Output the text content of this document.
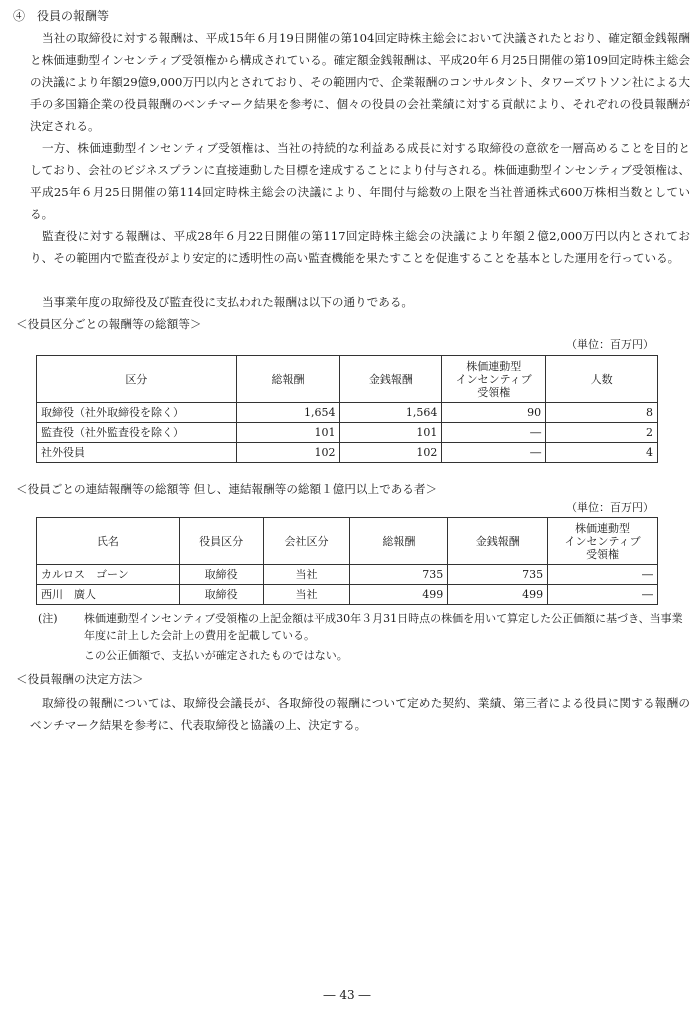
④　役員の報酬等
当社の取締役に対する報酬は、平成15年６月19日開催の第104回定時株主総会において決議されたとおり、確定額金銭報酬と株価連動型インセンティブ受領権から構成されている。確定額金銭報酬は、平成20年６月25日開催の第109回定時株主総会の決議により年額29億9,000万円以内とされており、その範囲内で、企業報酬のコンサルタント、タワーズワトソン社による大手の多国籍企業の役員報酬のベンチマーク結果を参考に、個々の役員の会社業績に対する貢献により、それぞれの役員報酬が決定される。
一方、株価連動型インセンティブ受領権は、当社の持続的な利益ある成長に対する取締役の意欲を一層高めることを目的としており、会社のビジネスプランに直接連動した目標を達成することにより付与される。株価連動型インセンティブ受領権は、平成25年６月25日開催の第114回定時株主総会の決議により、年間付与総数の上限を当社普通株式600万株相当数としている。
監査役に対する報酬は、平成28年６月22日開催の第117回定時株主総会の決議により年額２億2,000万円以内とされており、その範囲内で監査役がより安定的に透明性の高い監査機能を果たすことを促進することを基本とした運用を行っている。
当事業年度の取締役及び監査役に支払われた報酬は以下の通りである。
＜役員区分ごとの報酬等の総額等＞
（単位：百万円）
区分	総報酬	金銭報酬	株価連動型
インセンティブ
受領権	人数
取締役（社外取締役を除く）	1,654	1,564	90	8
監査役（社外監査役を除く）	101	101	―	2
社外役員	102	102	―	4
＜役員ごとの連結報酬等の総額等 但し、連結報酬等の総額１億円以上である者＞
（単位：百万円）
氏名	役員区分	会社区分	総報酬	金銭報酬	株価連動型
インセンティブ
受領権
カルロス　ゴーン	取締役	当社	735	735	―
西川　廣人	取締役	当社	499	499	―
(注) 株価連動型インセンティブ受領権の上記金額は平成30年３月31日時点の株価を用いて算定した公正価額に基づき、当事業年度に計上した会計上の費用を記載している。
この公正価額で、支払いが確定されたものではない。
＜役員報酬の決定方法＞
取締役の報酬については、取締役会議長が、各取締役の報酬について定めた契約、業績、第三者による役員に関する報酬のベンチマーク結果を参考に、代表取締役と協議の上、決定する。
― 43 ―
